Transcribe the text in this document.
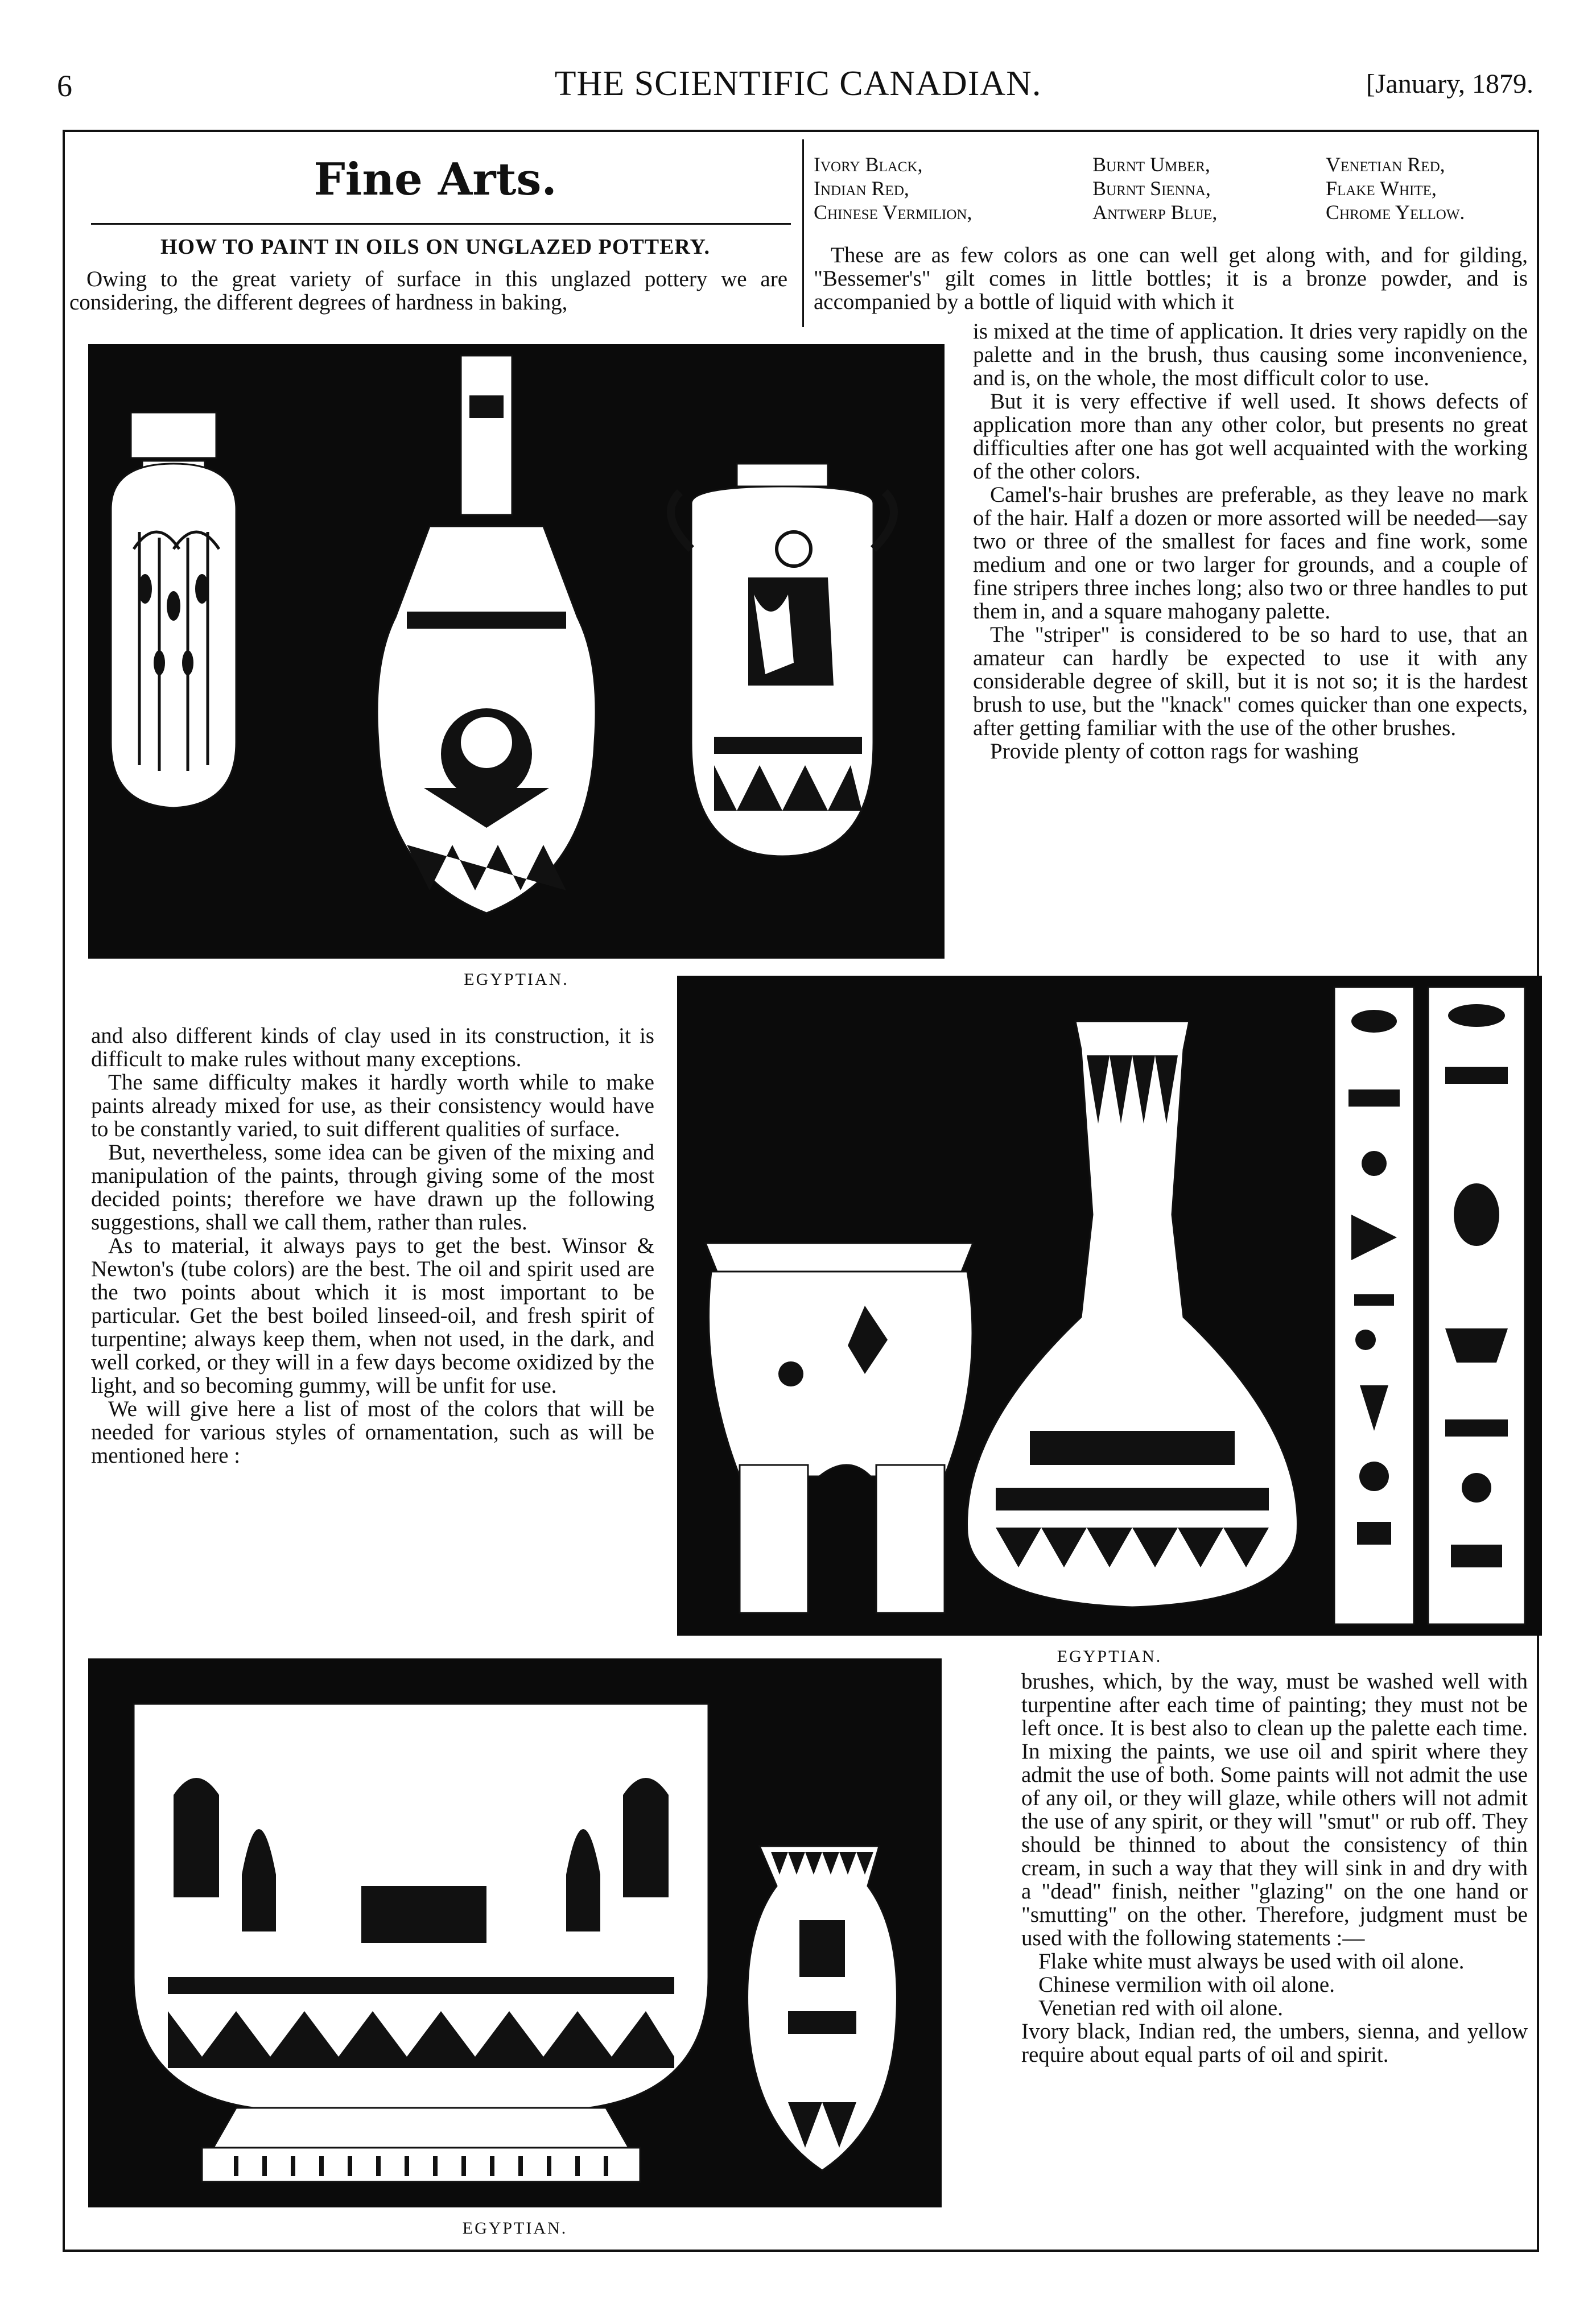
6	THE SCIENTIFIC CANADIAN.	[January, 1879.
Fine Arts.
HOW TO PAINT IN OILS ON UNGLAZED POTTERY.

Owing to the great variety of surface in this unglazed pottery we are considering, the different degrees of hardness in baking,

Ivory Black,
Indian Red,
Chinese Vermilion,
Burnt Umber,
Burnt Sienna,
Antwerp Blue,
Venetian Red,
Flake White,
Chrome Yellow.

These are as few colors as one can well get along with, and for gilding, "Bessemer's" gilt comes in little bottles; it is a bronze powder, and is accompanied by a bottle of liquid with which it

EGYPTIAN.

is mixed at the time of application. It dries very rapidly on the palette and in the brush, thus causing some inconvenience, and is, on the whole, the most difficult color to use.

But it is very effective if well used. It shows defects of application more than any other color, but presents no great difficulties after one has got well acquainted with the working of the other colors.

Camel's-hair brushes are preferable, as they leave no mark of the hair. Half a dozen or more assorted will be needed—say two or three of the smallest for faces and fine work, some medium and one or two larger for grounds, and a couple of fine stripers three inches long; also two or three handles to put them in, and a square mahogany palette.

The "striper" is considered to be so hard to use, that an amateur can hardly be expected to use it with any considerable degree of skill, but it is not so; it is the hardest brush to use, but the "knack" comes quicker than one expects, after getting familiar with the use of the other brushes.

Provide plenty of cotton rags for washing

and also different kinds of clay used in its construction, it is difficult to make rules without many exceptions.

The same difficulty makes it hardly worth while to make paints already mixed for use, as their consistency would have to be constantly varied, to suit different qualities of surface.

But, nevertheless, some idea can be given of the mixing and manipulation of the paints, through giving some of the most decided points; therefore we have drawn up the following suggestions, shall we call them, rather than rules.

As to material, it always pays to get the best. Winsor & Newton's (tube colors) are the best. The oil and spirit used are the two points about which it is most important to be particular. Get the best boiled linseed-oil, and fresh spirit of turpentine; always keep them, when not used, in the dark, and well corked, or they will in a few days become oxidized by the light, and so becoming gummy, will be unfit for use.

We will give here a list of most of the colors that will be needed for various styles of ornamentation, such as will be mentioned here :

EGYPTIAN.
EGYPTIAN.

brushes, which, by the way, must be washed well with turpentine after each time of painting; they must not be left once. It is best also to clean up the palette each time. In mixing the paints, we use oil and spirit where they admit the use of both. Some paints will not admit the use of any oil, or they will glaze, while others will not admit the use of any spirit, or they will "smut" or rub off. They should be thinned to about the consistency of thin cream, in such a way that they will sink in and dry with a "dead" finish, neither "glazing" on the one hand or "smutting" on the other. Therefore, judgment must be used with the following statements :—

Flake white must always be used with oil alone.

Chinese vermilion with oil alone.

Venetian red with oil alone.

Ivory black, Indian red, the umbers, sienna, and yellow require about equal parts of oil and spirit.
